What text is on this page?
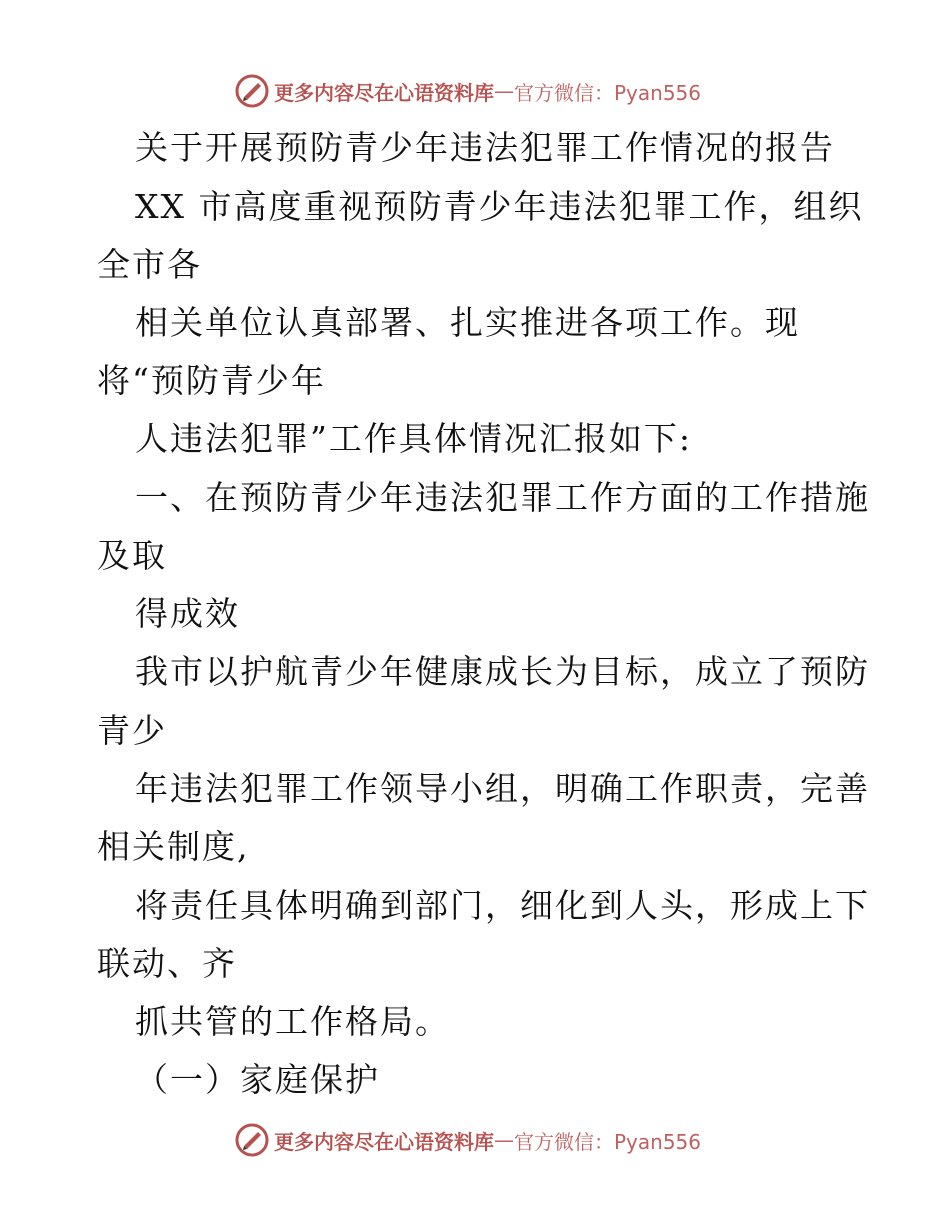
更多内容尽在心语资料库 — 官方微信：Pyan556
关于开展预防青少年违法犯罪工作情况的报告
XX 市高度重视预防青少年违法犯罪工作，组织
全市各
相关单位认真部署、扎实推进各项工作。现
将“预防青少年
人违法犯罪”工作具体情况汇报如下:
一、在预防青少年违法犯罪工作方面的工作措施
及取
得成效
我市以护航青少年健康成长为目标，成立了预防
青少
年违法犯罪工作领导小组，明确工作职责，完善
相关制度,
将责任具体明确到部门，细化到人头，形成上下
联动、齐
抓共管的工作格局。
（一）家庭保护
更多内容尽在心语资料库 — 官方微信：Pyan556
